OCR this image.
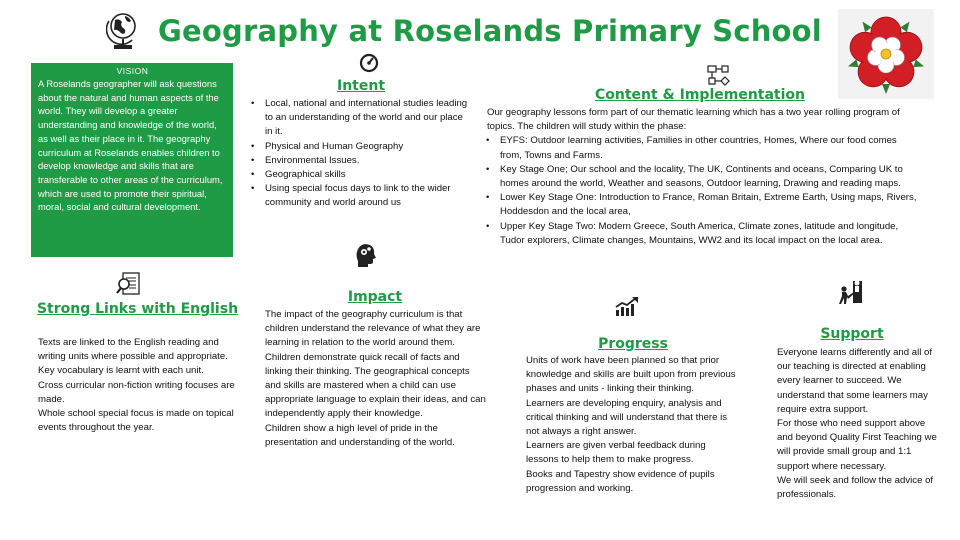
Geography at Roselands Primary School
VISION
A Roselands geographer will ask questions about the natural and human aspects of the world. They will develop a greater understanding and knowledge of the world, as well as their place in it. The geography curriculum at Roselands enables children to develop knowledge and skills that are transferable to other areas of the curriculum, which are used to promote their spiritual, moral, social and cultural development.
Intent
• Local, national and international studies leading to an understanding of the world and our place in it.
• Physical and Human Geography
• Environmental Issues.
• Geographical skills
• Using special focus days to link to the wider community and world around us
Content & Implementation

Our geography lessons form part of our thematic learning which has a two year rolling program of topics. The children will study within the phase:

• EYFS: Outdoor learning activities, Families in other countries, Homes, Where our food comes from, Towns and Farms.
• Key Stage One; Our school and the locality, The UK, Continents and oceans, Comparing UK to homes around the world, Weather and seasons, Outdoor learning, Drawing and reading maps.
• Lower Key Stage One: Introduction to France, Roman Britain, Extreme Earth, Using maps, Rivers, Hoddesdon and the local area,
• Upper Key Stage Two: Modern Greece, South America, Climate zones, latitude and longitude, Tudor explorers, Climate changes, Mountains, WW2 and its local impact on the local area.
Impact

The impact of the geography curriculum is that children understand the relevance of what they are learning in relation to the world around them.

Children demonstrate quick recall of facts and linking their thinking. The geographical concepts and skills are mastered when a child can use appropriate language to explain their ideas, and can independently apply their knowledge.

Children show a high level of pride in the presentation and understanding of the world.

Strong Links with English

Texts are linked to the English reading and writing units where possible and appropriate.

Key vocabulary is learnt with each unit.

Cross curricular non-fiction writing focuses are made.

Whole school special focus is made on topical events throughout the year.

Progress

Units of work have been planned so that prior knowledge and skills are built upon from previous phases and units - linking their thinking.

Learners are developing enquiry, analysis and critical thinking and will understand that there is not always a right answer.

Learners are given verbal feedback during lessons to help them to make progress.

Books and Tapestry show evidence of pupils progression and working.

Support

Everyone learns differently and all of our teaching is directed at enabling every learner to succeed. We understand that some learners may require extra support.

For those who need support above and beyond Quality First Teaching we will provide small group and 1:1 support where necessary.

We will seek and follow the advice of professionals.
